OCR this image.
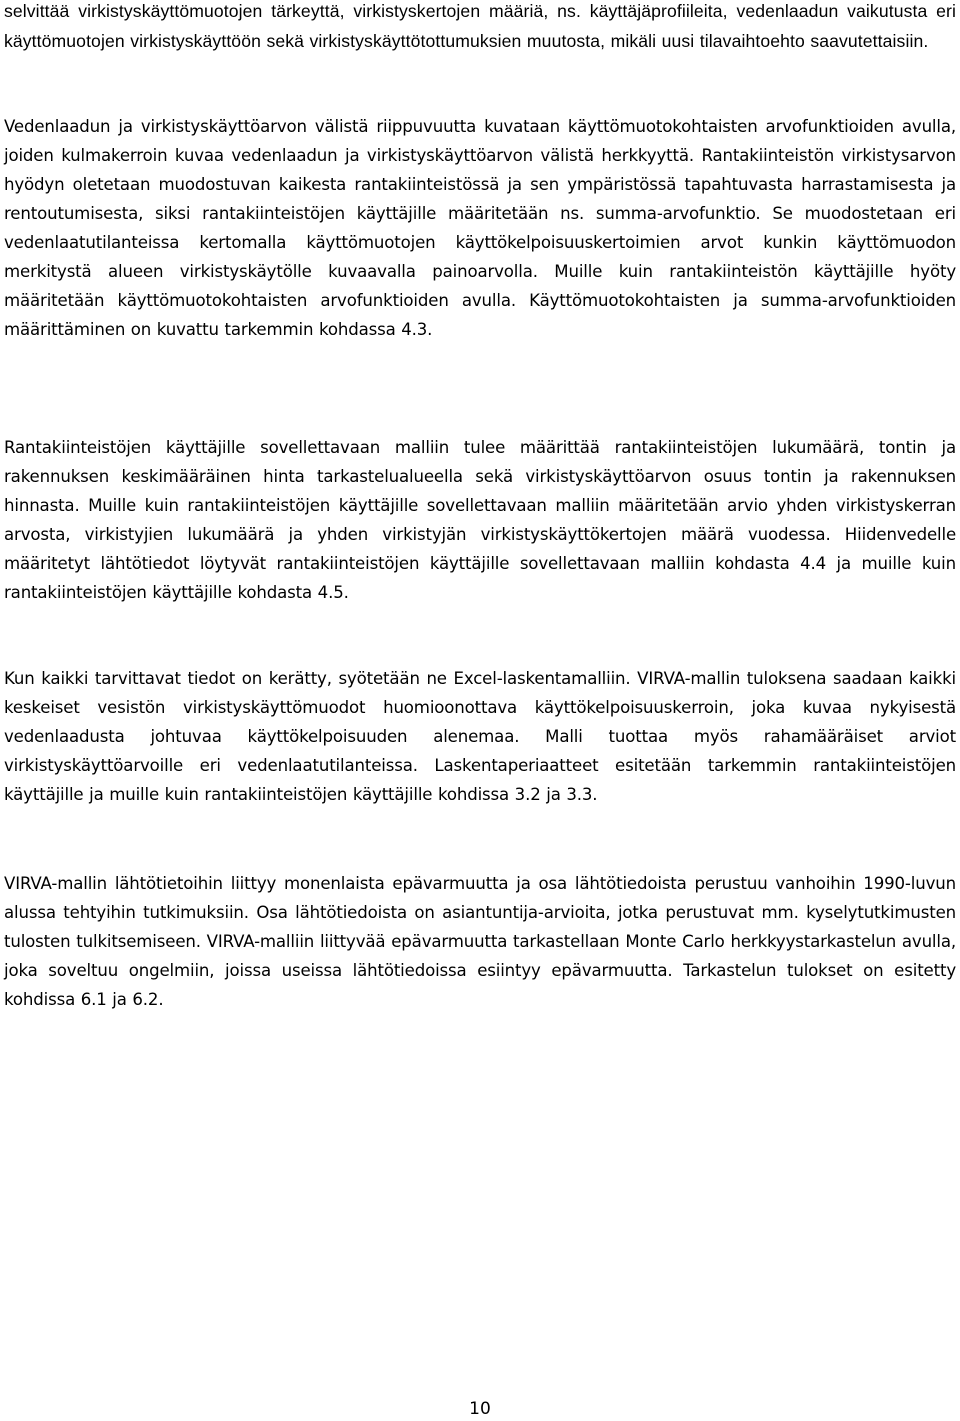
selvittää virkistyskäyttömuotojen tärkeyttä, virkistyskertojen määriä, ns. käyttäjäprofiileita, vedenlaadun vaikutusta eri käyttömuotojen virkistyskäyttöön sekä virkistyskäyttötottumuksien muutosta, mikäli uusi tilavaihtoehto saavutettaisiin.

Vedenlaadun ja virkistyskäyttöarvon välistä riippuvuutta kuvataan käyttömuotokohtaisten arvofunktioiden avulla, joiden kulmakerroin kuvaa vedenlaadun ja virkistyskäyttöarvon välistä herkkyyttä. Rantakiinteistön virkistysarvon hyödyn oletetaan muodostuvan kaikesta rantakiinteistössä ja sen ympäristössä tapahtuvasta harrastamisesta ja rentoutumisesta, siksi rantakiinteistöjen käyttäjille määritetään ns. summa-arvofunktio. Se muodostetaan eri vedenlaatutilanteissa kertomalla käyttömuotojen käyttökelpoisuuskertoimien arvot kunkin käyttömuodon merkitystä alueen virkistyskäytölle kuvaavalla painoarvolla. Muille kuin rantakiinteistön käyttäjille hyöty määritetään käyttömuotokohtaisten arvofunktioiden avulla. Käyttömuotokohtaisten ja summa-arvofunktioiden määrittäminen on kuvattu tarkemmin kohdassa 4.3.

Rantakiinteistöjen käyttäjille sovellettavaan malliin tulee määrittää rantakiinteistöjen lukumäärä, tontin ja rakennuksen keskimääräinen hinta tarkastelualueella sekä virkistyskäyttöarvon osuus tontin ja rakennuksen hinnasta. Muille kuin rantakiinteistöjen käyttäjille sovellettavaan malliin määritetään arvio yhden virkistyskerran arvosta, virkistyjien lukumäärä ja yhden virkistyjän virkistyskäyttökertojen määrä vuodessa. Hiidenvedelle määritetyt lähtötiedot löytyvät rantakiinteistöjen käyttäjille sovellettavaan malliin kohdasta 4.4 ja muille kuin rantakiinteistöjen käyttäjille kohdasta 4.5.

Kun kaikki tarvittavat tiedot on kerätty, syötetään ne Excel-laskentamalliin. VIRVA-mallin tuloksena saadaan kaikki keskeiset vesistön virkistyskäyttömuodot huomioonottava käyttökelpoisuuskerroin, joka kuvaa nykyisestä vedenlaadusta johtuvaa käyttökelpoisuuden alenemaa. Malli tuottaa myös rahamääräiset arviot virkistyskäyttöarvoille eri vedenlaatutilanteissa. Laskentaperiaatteet esitetään tarkemmin rantakiinteistöjen käyttäjille ja muille kuin rantakiinteistöjen käyttäjille kohdissa 3.2 ja 3.3.

VIRVA-mallin lähtötietoihin liittyy monenlaista epävarmuutta ja osa lähtötiedoista perustuu vanhoihin 1990-luvun alussa tehtyihin tutkimuksiin. Osa lähtötiedoista on asiantuntija-arvioita, jotka perustuvat mm. kyselytutkimusten tulosten tulkitsemiseen. VIRVA-malliin liittyvää epävarmuutta tarkastellaan Monte Carlo herkkyystarkastelun avulla, joka soveltuu ongelmiin, joissa useissa lähtötiedoissa esiintyy epävarmuutta. Tarkastelun tulokset on esitetty kohdissa 6.1 ja 6.2.

10
